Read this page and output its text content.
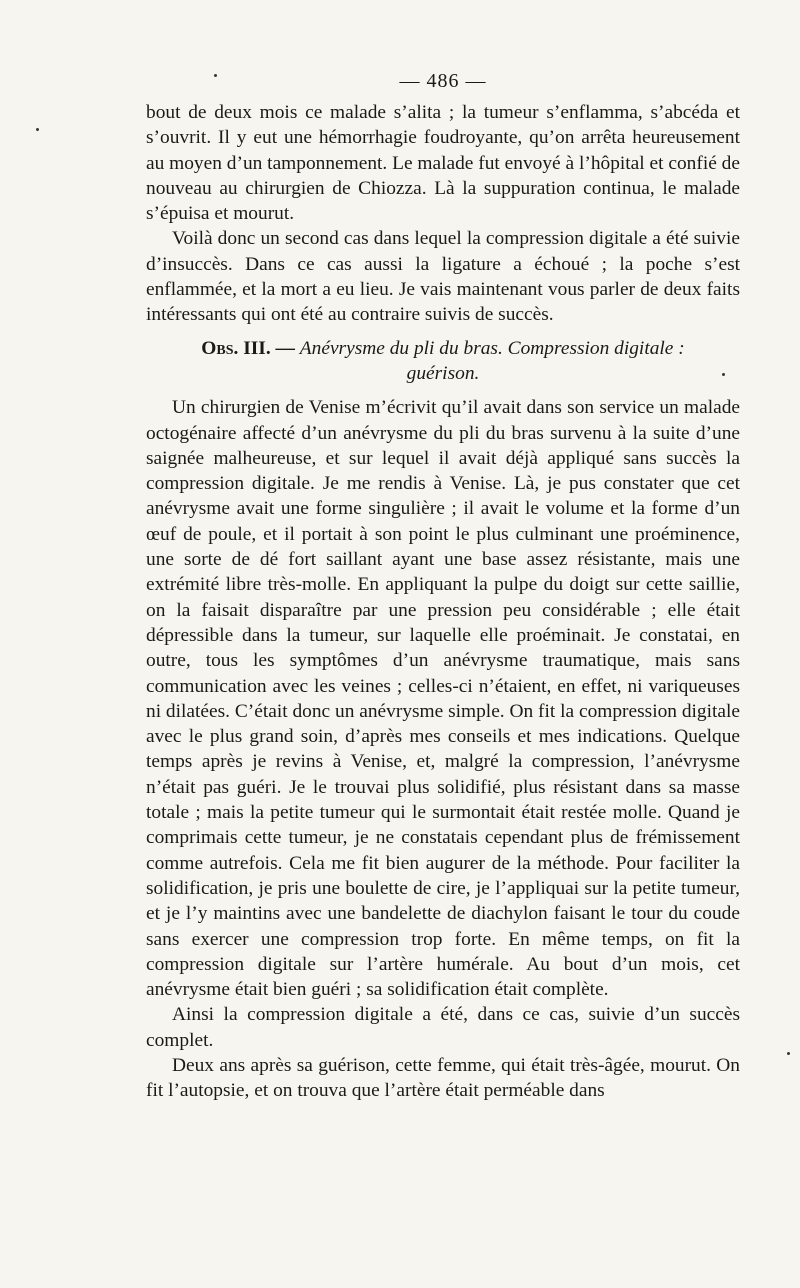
— 486 —

bout de deux mois ce malade s’alita ; la tumeur s’enflamma, s’abcéda et s’ouvrit. Il y eut une hémorrhagie foudroyante, qu’on arrêta heureusement au moyen d’un tamponnement. Le malade fut envoyé à l’hôpital et confié de nouveau au chirurgien de Chiozza. Là la suppuration continua, le malade s’épuisa et mourut.

Voilà donc un second cas dans lequel la compression digitale a été suivie d’insuccès. Dans ce cas aussi la ligature a échoué ; la poche s’est enflammée, et la mort a eu lieu. Je vais maintenant vous parler de deux faits intéressants qui ont été au contraire suivis de succès.

Obs. III. — Anévrysme du pli du bras. Compression digitale :
guérison.

Un chirurgien de Venise m’écrivit qu’il avait dans son service un malade octogénaire affecté d’un anévrysme du pli du bras survenu à la suite d’une saignée malheureuse, et sur lequel il avait déjà appliqué sans succès la compression digitale. Je me rendis à Venise. Là, je pus constater que cet anévrysme avait une forme singulière ; il avait le volume et la forme d’un œuf de poule, et il portait à son point le plus culminant une proéminence, une sorte de dé fort saillant ayant une base assez résistante, mais une extrémité libre très-molle. En appliquant la pulpe du doigt sur cette saillie, on la faisait disparaître par une pression peu considérable ; elle était dépressible dans la tumeur, sur laquelle elle proéminait. Je constatai, en outre, tous les symptômes d’un anévrysme traumatique, mais sans communication avec les veines ; celles-ci n’étaient, en effet, ni variqueuses ni dilatées. C’était donc un anévrysme simple. On fit la compression digitale avec le plus grand soin, d’après mes conseils et mes indications. Quelque temps après je revins à Venise, et, malgré la compression, l’anévrysme n’était pas guéri. Je le trouvai plus solidifié, plus résistant dans sa masse totale ; mais la petite tumeur qui le surmontait était restée molle. Quand je comprimais cette tumeur, je ne constatais cependant plus de frémissement comme autrefois. Cela me fit bien augurer de la méthode. Pour faciliter la solidification, je pris une boulette de cire, je l’appliquai sur la petite tumeur, et je l’y maintins avec une bandelette de diachylon faisant le tour du coude sans exercer une compression trop forte. En même temps, on fit la compression digitale sur l’artère humérale. Au bout d’un mois, cet anévrysme était bien guéri ; sa solidification était complète.

Ainsi la compression digitale a été, dans ce cas, suivie d’un succès complet.

Deux ans après sa guérison, cette femme, qui était très-âgée, mourut. On fit l’autopsie, et on trouva que l’artère était perméable dans
